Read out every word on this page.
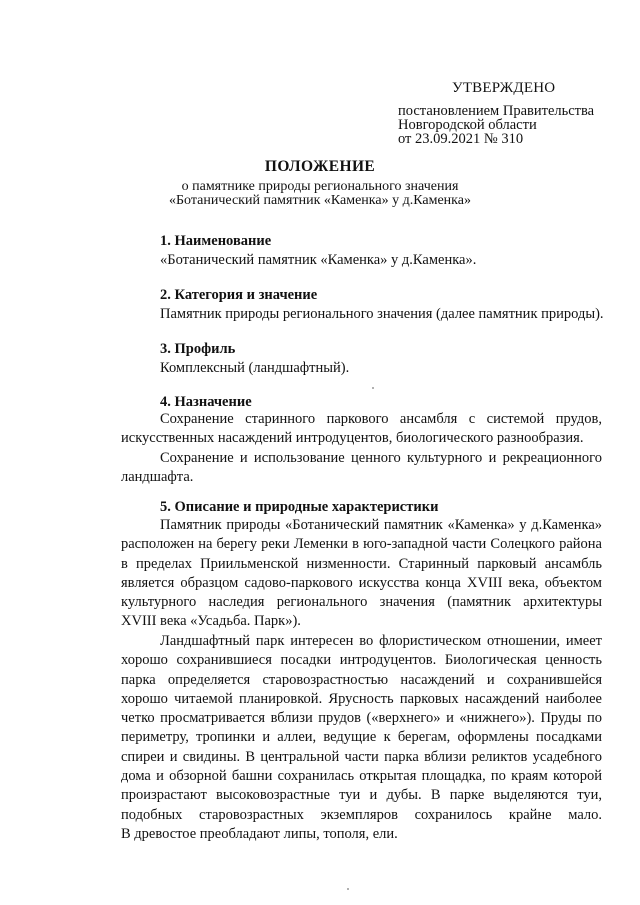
УТВЕРЖДЕНО
постановлением Правительства
Новгородской области
от 23.09.2021 № 310
ПОЛОЖЕНИЕ
о памятнике природы регионального значения
«Ботанический памятник «Каменка» у д.Каменка»
1. Наименование
«Ботанический памятник «Каменка» у д.Каменка».
2. Категория и значение
Памятник природы регионального значения (далее памятник природы).
3. Профиль
Комплексный (ландшафтный).
4. Назначение
Сохранение старинного паркового ансамбля с системой прудов,
искусственных насаждений интродуцентов, биологического разнообразия.
Сохранение и использование ценного культурного и рекреационного
ландшафта.
5. Описание и природные характеристики
Памятник природы «Ботанический памятник «Каменка» у д.Каменка»
расположен на берегу реки Леменки в юго-западной части Солецкого района
в пределах Приильменской низменности. Старинный парковый ансамбль
является образцом садово-паркового искусства конца XVIII века, объектом
культурного наследия регионального значения (памятник архитектуры
XVIII века «Усадьба. Парк»).
Ландшафтный парк интересен во флористическом отношении, имеет
хорошо сохранившиеся посадки интродуцентов. Биологическая ценность
парка определяется старовозрастностью насаждений и сохранившейся
хорошо читаемой планировкой. Ярусность парковых насаждений наиболее
четко просматривается вблизи прудов («верхнего» и «нижнего»). Пруды по
периметру, тропинки и аллеи, ведущие к берегам, оформлены посадками
спиреи и свидины. В центральной части парка вблизи реликтов усадебного
дома и обзорной башни сохранилась открытая площадка, по краям которой
произрастают высоковозрастные туи и дубы. В парке выделяются туи,
подобных старовозрастных экземпляров сохранилось крайне мало.
В древостое преобладают липы, тополя, ели.
